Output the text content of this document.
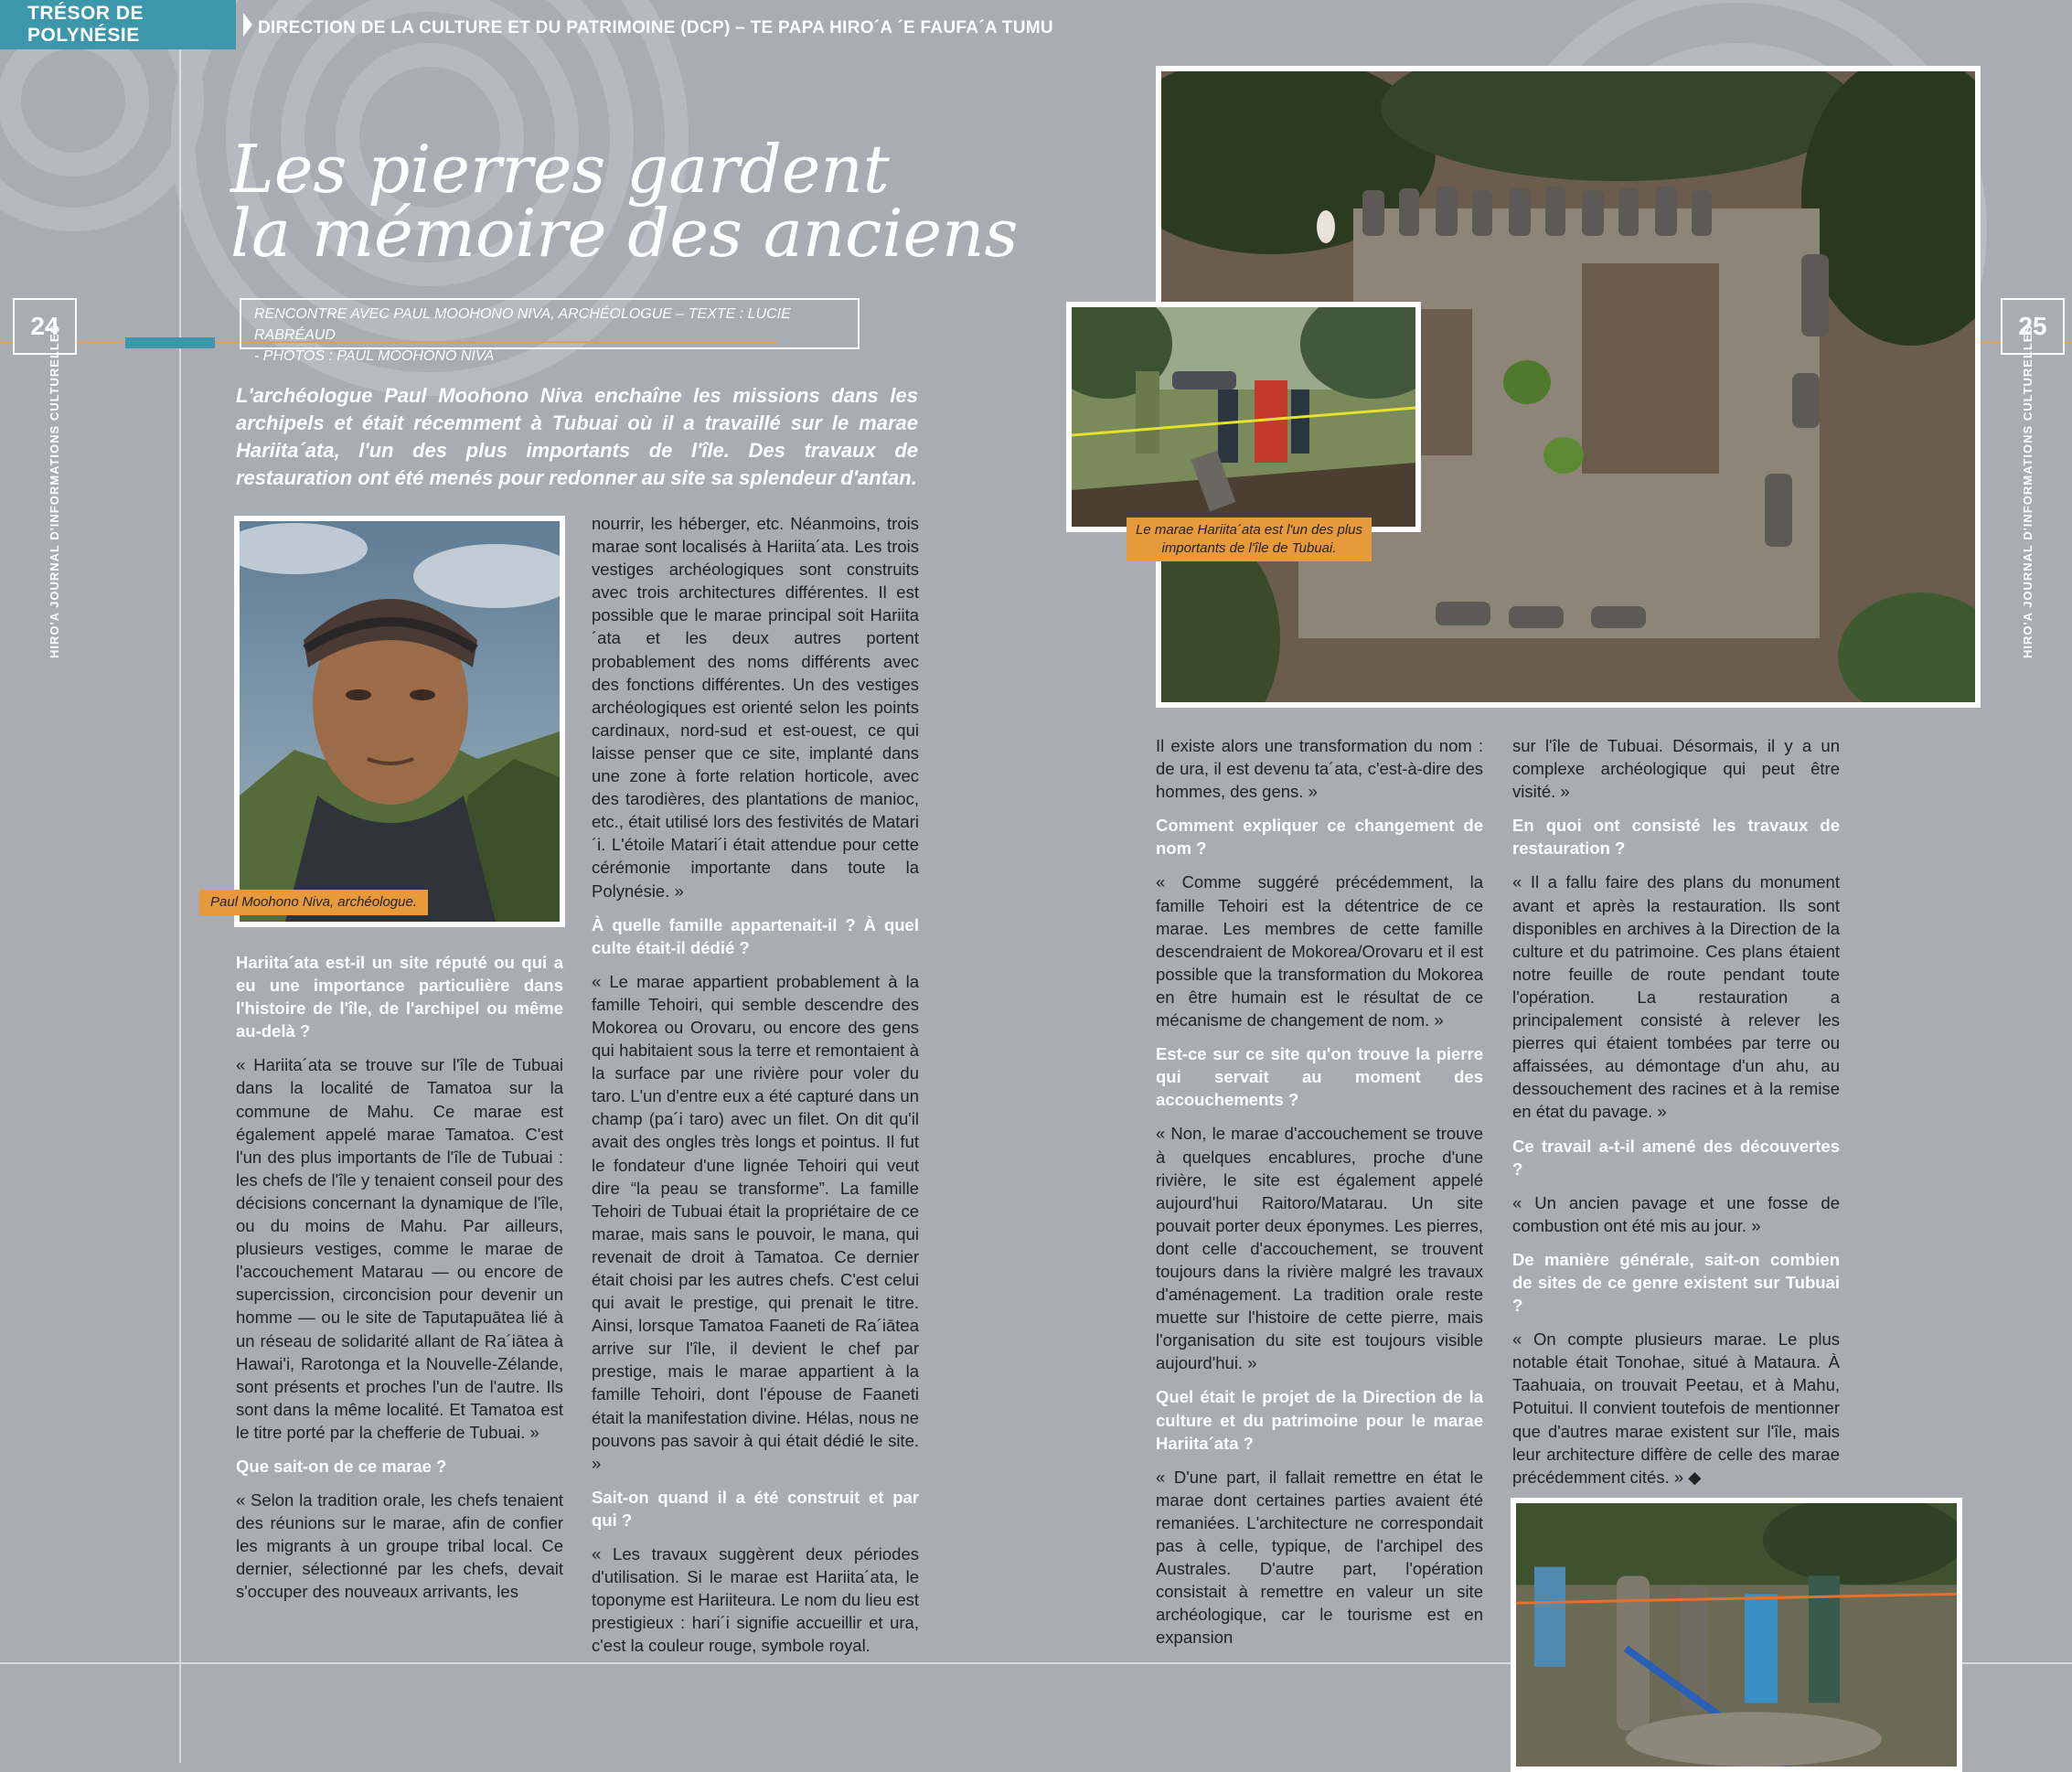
TRÉSOR DE POLYNÉSIE	DIRECTION DE LA CULTURE ET DU PATRIMOINE (DCP) – TE PAPA HIRO´A ´E FAUFA´A TUMU
24	25
HIRO'A JOURNAL D'INFORMATIONS CULTURELLES	HIRO'A JOURNAL D'INFORMATIONS CULTURELLES
Les pierres gardent
la mémoire des anciens
RENCONTRE AVEC PAUL MOOHONO NIVA, ARCHÉOLOGUE – TEXTE : LUCIE RABRÉAUD
- PHOTOS : PAUL MOOHONO NIVA
L'archéologue Paul Moohono Niva enchaîne les missions dans les archipels et était récemment à Tubuai où il a travaillé sur le marae Hariita´ata, l'un des plus importants de l'île. Des travaux de restauration ont été menés pour redonner au site sa splendeur d'antan.
Paul Moohono Niva, archéologue.
Le marae Hariita´ata est l'un des plus importants de l'île de Tubuai.

Hariita´ata est-il un site réputé ou qui a eu une importance particulière dans l'histoire de l'île, de l'archipel ou même au-delà ?

« Hariita´ata se trouve sur l'île de Tubuai dans la localité de Tamatoa sur la commune de Mahu. Ce marae est également appelé marae Tamatoa. C'est l'un des plus importants de l'île de Tubuai : les chefs de l'île y tenaient conseil pour des décisions concernant la dynamique de l'île, ou du moins de Mahu. Par ailleurs, plusieurs vestiges, comme le marae de l'accouchement Matarau — ou encore de supercission, circoncision pour devenir un homme — ou le site de Taputapuātea lié à un réseau de solidarité allant de Ra´iātea à Hawai'i, Rarotonga et la Nouvelle-Zélande, sont présents et proches l'un de l'autre. Ils sont dans la même localité. Et Tamatoa est le titre porté par la chefferie de Tubuai. »

Que sait-on de ce marae ?

« Selon la tradition orale, les chefs tenaient des réunions sur le marae, afin de confier les migrants à un groupe tribal local. Ce dernier, sélectionné par les chefs, devait s'occuper des nouveaux arrivants, les

nourrir, les héberger, etc. Néanmoins, trois marae sont localisés à Hariita´ata. Les trois vestiges archéologiques sont construits avec trois architectures différentes. Il est possible que le marae principal soit Hariita´ata et les deux autres portent probablement des noms différents avec des fonctions différentes. Un des vestiges archéologiques est orienté selon les points cardinaux, nord-sud et est-ouest, ce qui laisse penser que ce site, implanté dans une zone à forte relation horticole, avec des tarodières, des plantations de manioc, etc., était utilisé lors des festivités de Matari´i. L'étoile Matari´i était attendue pour cette cérémonie importante dans toute la Polynésie. »

À quelle famille appartenait-il ? À quel culte était-il dédié ?

« Le marae appartient probablement à la famille Tehoiri, qui semble descendre des Mokorea ou Orovaru, ou encore des gens qui habitaient sous la terre et remontaient à la surface par une rivière pour voler du taro. L'un d'entre eux a été capturé dans un champ (pa´i taro) avec un filet. On dit qu'il avait des ongles très longs et pointus. Il fut le fondateur d'une lignée Tehoiri qui veut dire “la peau se transforme”. La famille Tehoiri de Tubuai était la propriétaire de ce marae, mais sans le pouvoir, le mana, qui revenait de droit à Tamatoa. Ce dernier était choisi par les autres chefs. C'est celui qui avait le prestige, qui prenait le titre. Ainsi, lorsque Tamatoa Faaneti de Ra´iātea arrive sur l'île, il devient le chef par prestige, mais le marae appartient à la famille Tehoiri, dont l'épouse de Faaneti était la manifestation divine. Hélas, nous ne pouvons pas savoir à qui était dédié le site. »

Sait-on quand il a été construit et par qui ?

« Les travaux suggèrent deux périodes d'utilisation. Si le marae est Hariita´ata, le toponyme est Hariiteura. Le nom du lieu est prestigieux : hari´i signifie accueillir et ura, c'est la couleur rouge, symbole royal.

Il existe alors une transformation du nom : de ura, il est devenu ta´ata, c'est-à-dire des hommes, des gens. »

Comment expliquer ce changement de nom ?

« Comme suggéré précédemment, la famille Tehoiri est la détentrice de ce marae. Les membres de cette famille descendraient de Mokorea/Orovaru et il est possible que la transformation du Mokorea en être humain est le résultat de ce mécanisme de changement de nom. »

Est-ce sur ce site qu'on trouve la pierre qui servait au moment des accouchements ?

« Non, le marae d'accouchement se trouve à quelques encablures, proche d'une rivière, le site est également appelé aujourd'hui Raitoro/Matarau. Un site pouvait porter deux éponymes. Les pierres, dont celle d'accouchement, se trouvent toujours dans la rivière malgré les travaux d'aménagement. La tradition orale reste muette sur l'histoire de cette pierre, mais l'organisation du site est toujours visible aujourd'hui. »

Quel était le projet de la Direction de la culture et du patrimoine pour le marae Hariita´ata ?

« D'une part, il fallait remettre en état le marae dont certaines parties avaient été remaniées. L'architecture ne correspondait pas à celle, typique, de l'archipel des Australes. D'autre part, l'opération consistait à remettre en valeur un site archéologique, car le tourisme est en expansion

sur l'île de Tubuai. Désormais, il y a un complexe archéologique qui peut être visité. »

En quoi ont consisté les travaux de restauration ?

« Il a fallu faire des plans du monument avant et après la restauration. Ils sont disponibles en archives à la Direction de la culture et du patrimoine. Ces plans étaient notre feuille de route pendant toute l'opération. La restauration a principalement consisté à relever les pierres qui étaient tombées par terre ou affaissées, au démontage d'un ahu, au dessouchement des racines et à la remise en état du pavage. »

Ce travail a-t-il amené des découvertes ?

« Un ancien pavage et une fosse de combustion ont été mis au jour. »

De manière générale, sait-on combien de sites de ce genre existent sur Tubuai ?

« On compte plusieurs marae. Le plus notable était Tonohae, situé à Mataura. À Taahuaia, on trouvait Peetau, et à Mahu, Potuitui. Il convient toutefois de mentionner que d'autres marae existent sur l'île, mais leur architecture diffère de celle des marae précédemment cités. » ◆
